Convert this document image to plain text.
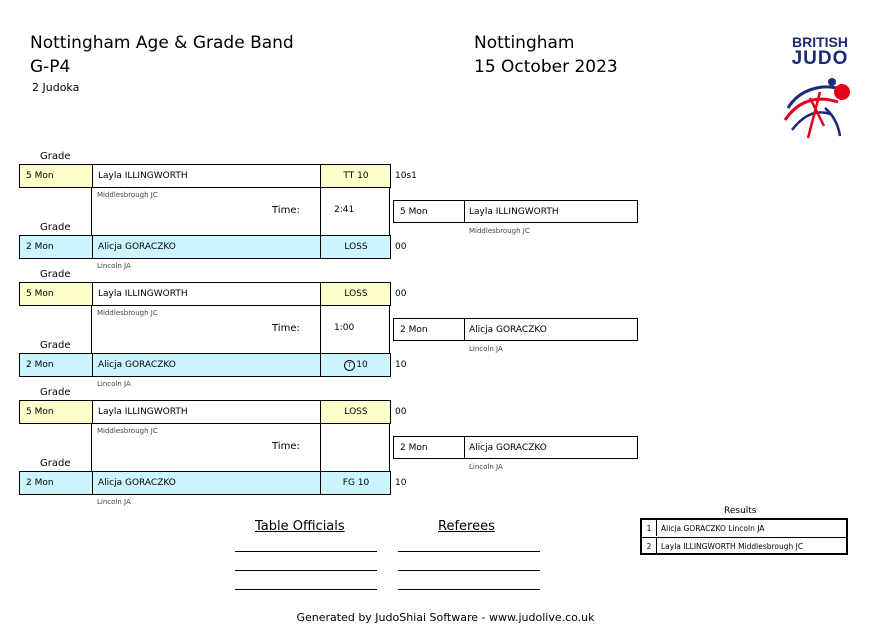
Nottingham Age & Grade Band
G-P4
2 Judoka
Nottingham
15 October 2023
BRITISH
JUDO
Grade
5 Mon	Layla ILLINGWORTH	TT 10
Middlesbrough JC
10s1
Time:	2:41
Grade
2 Mon	Alicja GORACZKO	LOSS
Lincoln JA
00
5 Mon	Layla ILLINGWORTH
Middlesbrough JC
Grade
5 Mon	Layla ILLINGWORTH	LOSS
Middlesbrough JC
00
Time:	1:00
Grade
2 Mon	Alicja GORACZKO	T 10
Lincoln JA
10
2 Mon	Alicja GORACZKO
Lincoln JA
Grade
5 Mon	Layla ILLINGWORTH	LOSS
Middlesbrough JC
00
Time:
Grade
2 Mon	Alicja GORACZKO	FG 10
Lincoln JA
10
2 Mon	Alicja GORACZKO
Lincoln JA
Results
1	Alicja GORACZKO Lincoln JA
2	Layla ILLINGWORTH Middlesbrough JC
Table Officials	Referees
Generated by JudoShiai Software - www.judolive.co.uk
